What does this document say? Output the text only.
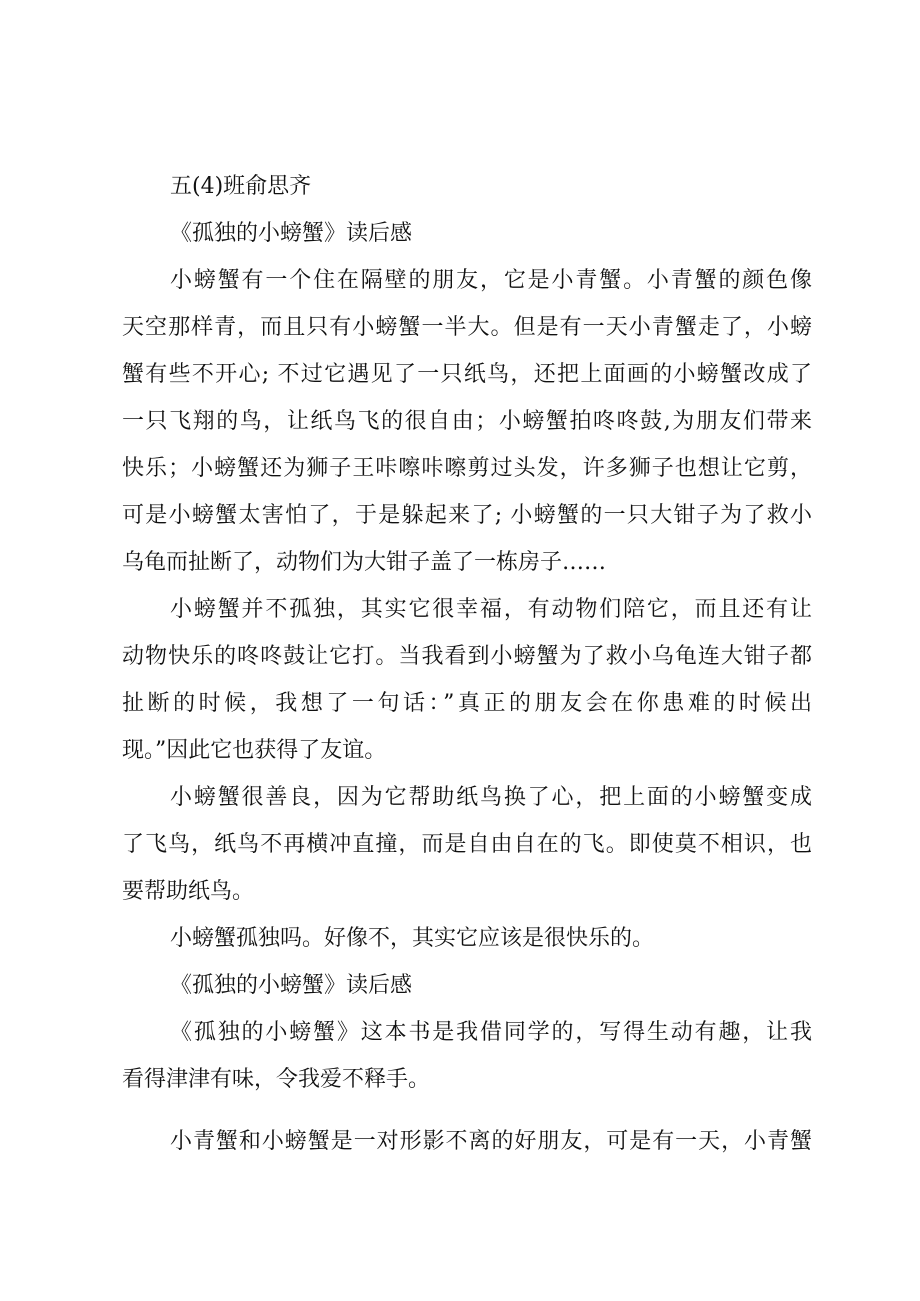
五(4)班俞思齐
《孤独的小螃蟹》读后感
小螃蟹有一个住在隔壁的朋友，它是小青蟹。小青蟹的颜色像
天空那样青，而且只有小螃蟹一半大。但是有一天小青蟹走了，小螃
蟹有些不开心; 不过它遇见了一只纸鸟，还把上面画的小螃蟹改成了
一只飞翔的鸟，让纸鸟飞的很自由；小螃蟹拍咚咚鼓,为朋友们带来
快乐；小螃蟹还为狮子王咔嚓咔嚓剪过头发，许多狮子也想让它剪，
可是小螃蟹太害怕了，于是躲起来了; 小螃蟹的一只大钳子为了救小
乌龟而扯断了，动物们为大钳子盖了一栋房子……
小螃蟹并不孤独，其实它很幸福，有动物们陪它，而且还有让
动物快乐的咚咚鼓让它打。当我看到小螃蟹为了救小乌龟连大钳子都
扯断的时候，我想了一句话：”真正的朋友会在你患难的时候出
现。”因此它也获得了友谊。
小螃蟹很善良，因为它帮助纸鸟换了心，把上面的小螃蟹变成
了飞鸟，纸鸟不再横冲直撞，而是自由自在的飞。即使莫不相识，也
要帮助纸鸟。
小螃蟹孤独吗。好像不，其实它应该是很快乐的。
《孤独的小螃蟹》读后感
《孤独的小螃蟹》这本书是我借同学的，写得生动有趣，让我
看得津津有味，令我爱不释手。
小青蟹和小螃蟹是一对形影不离的好朋友，可是有一天，小青蟹
